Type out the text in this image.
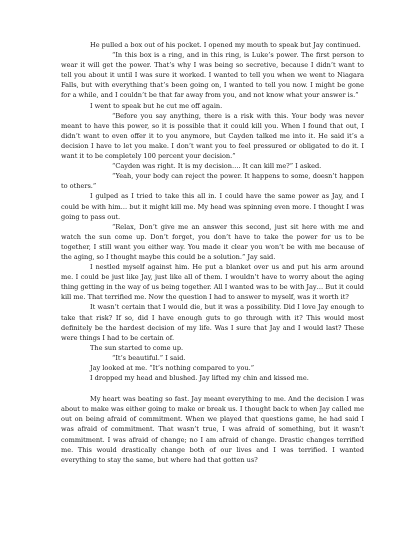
He pulled a box out of his pocket. I opened my mouth to speak but Jay continued.

“In this box is a ring, and in this ring, is Luke’s power. The first person to wear it will get the power. That’s why I was being so secretive, because I didn’t want to tell you about it until I was sure it worked. I wanted to tell you when we went to Niagara Falls, but with everything that’s been going on, I wanted to tell you now. I might be gone for a while, and I couldn’t be that far away from you, and not know what your answer is.”

I went to speak but he cut me off again.

“Before you say anything, there is a risk with this. Your body was never meant to have this power, so it is possible that it could kill you. When I found that out, I didn’t want to even offer it to you anymore, but Cayden talked me into it. He said it’s a decision I have to let you make. I don’t want you to feel pressured or obligated to do it. I want it to be completely 100 percent your decision.”

“Cayden was right. It is my decision…. It can kill me?” I asked.

“Yeah, your body can reject the power. It happens to some, doesn’t happen to others.”

I gulped as I tried to take this all in. I could have the same power as Jay, and I could be with him… but it might kill me. My head was spinning even more. I thought I was going to pass out.

“Relax, Don’t give me an answer this second, just sit here with me and watch the sun come up. Don’t forget, you don’t have to take the power for us to be together, I still want you either way. You made it clear you won’t be with me because of the aging, so I thought maybe this could be a solution.” Jay said.

I nestled myself against him. He put a blanket over us and put his arm around me. I could be just like Jay, just like all of them. I wouldn’t have to worry about the aging thing getting in the way of us being together. All I wanted was to be with Jay… But it could kill me. That terrified me. Now the question I had to answer to myself, was it worth it?

It wasn’t certain that I would die, but it was a possibility. Did I love Jay enough to take that risk? If so, did I have enough guts to go through with it? This would most definitely be the hardest decision of my life. Was I sure that Jay and I would last? These were things I had to be certain of.

The sun started to come up.

“It’s beautiful.” I said.

Jay looked at me. “It’s nothing compared to you.”

I dropped my head and blushed. Jay lifted my chin and kissed me.

My heart was beating so fast. Jay meant everything to me. And the decision I was about to make was either going to make or break us. I thought back to when Jay called me out on being afraid of commitment. When we played that questions game, he had said I was afraid of commitment. That wasn’t true, I was afraid of something, but it wasn’t commitment. I was afraid of change; no I am afraid of change. Drastic changes terrified me. This would drastically change both of our lives and I was terrified. I wanted everything to stay the same, but where had that gotten us?
